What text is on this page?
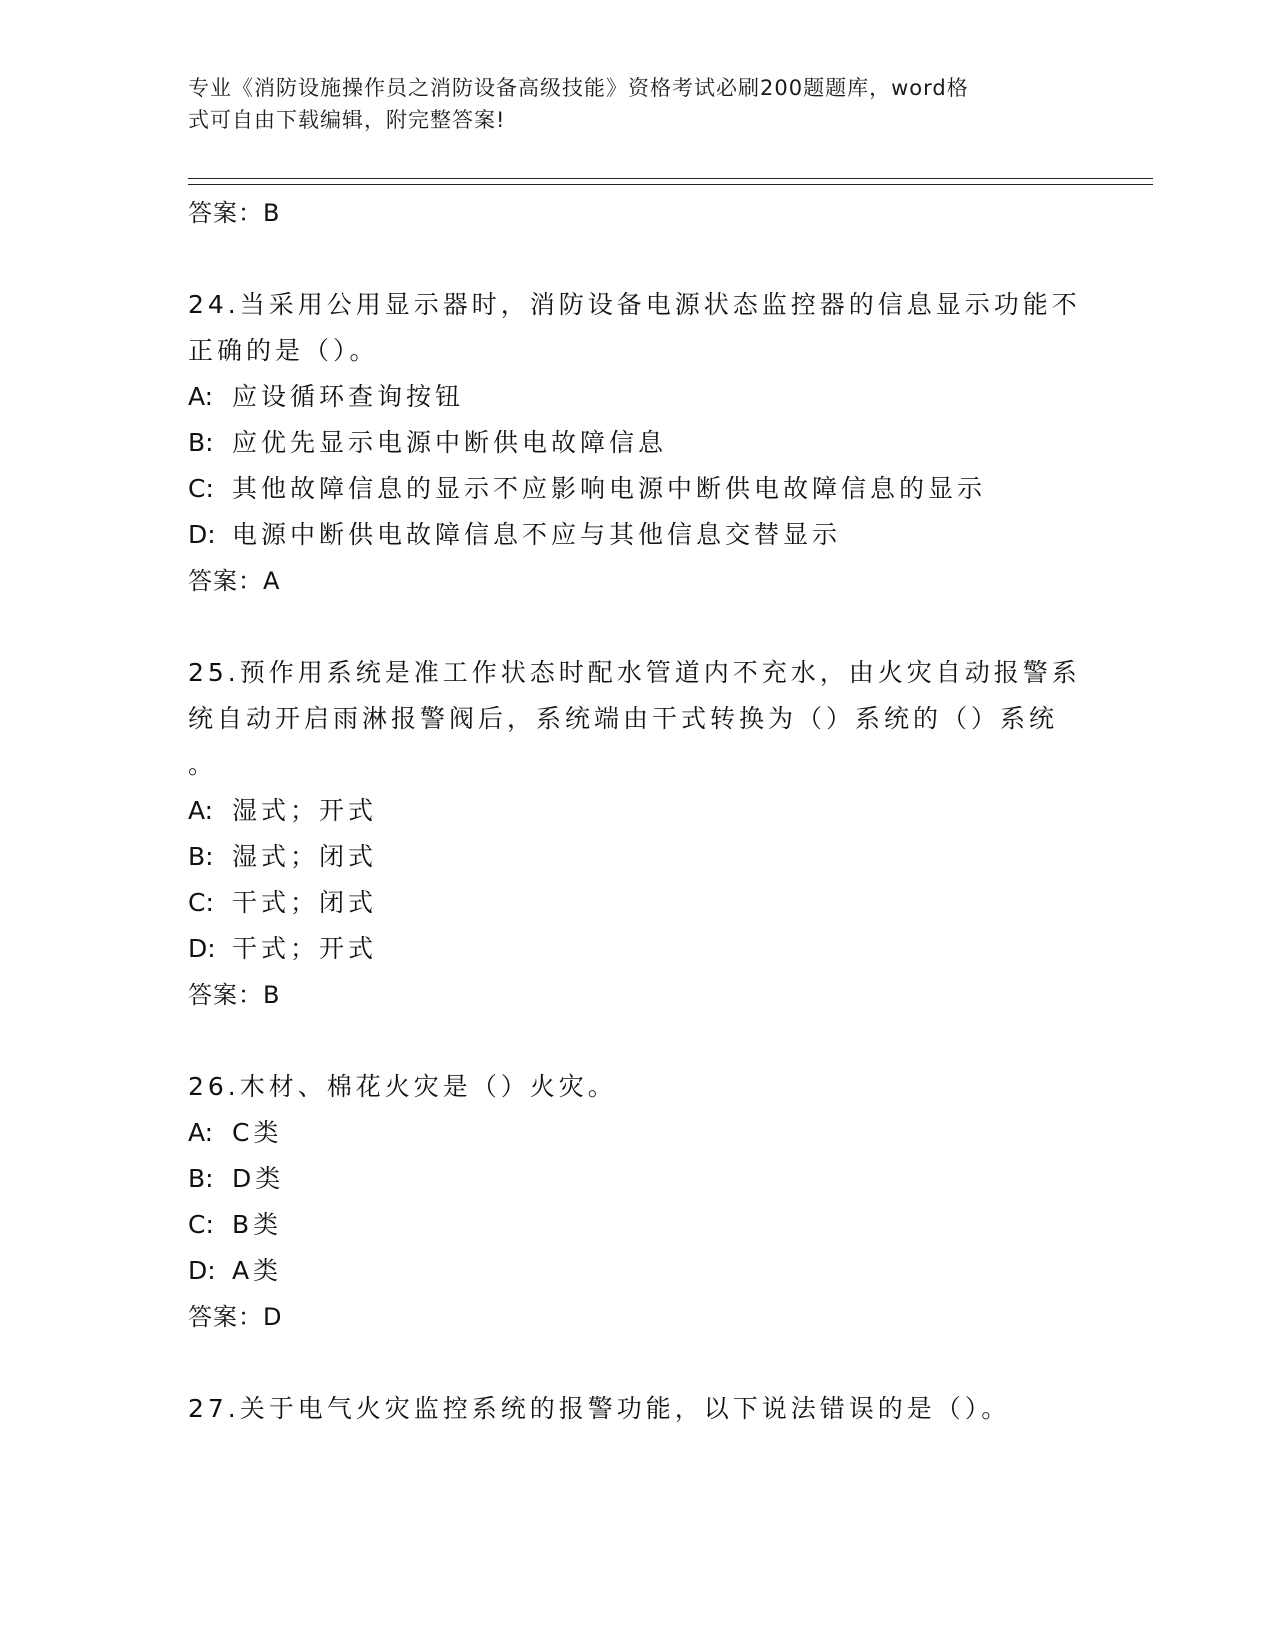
专业《消防设施操作员之消防设备高级技能》资格考试必刷200题题库，word格
式可自由下载编辑，附完整答案!
答案：B
24.当采用公用显示器时，消防设备电源状态监控器的信息显示功能不
正确的是（）。
A: 应设循环查询按钮
B: 应优先显示电源中断供电故障信息
C: 其他故障信息的显示不应影响电源中断供电故障信息的显示
D: 电源中断供电故障信息不应与其他信息交替显示
答案：A
25.预作用系统是准工作状态时配水管道内不充水，由火灾自动报警系
统自动开启雨淋报警阀后，系统端由干式转换为（）系统的（）系统
。
A: 湿式；开式
B: 湿式；闭式
C: 干式；闭式
D: 干式；开式
答案：B
26.木材、棉花火灾是（）火灾。
A: C类
B: D类
C: B类
D: A类
答案：D
27.关于电气火灾监控系统的报警功能，以下说法错误的是（）。
